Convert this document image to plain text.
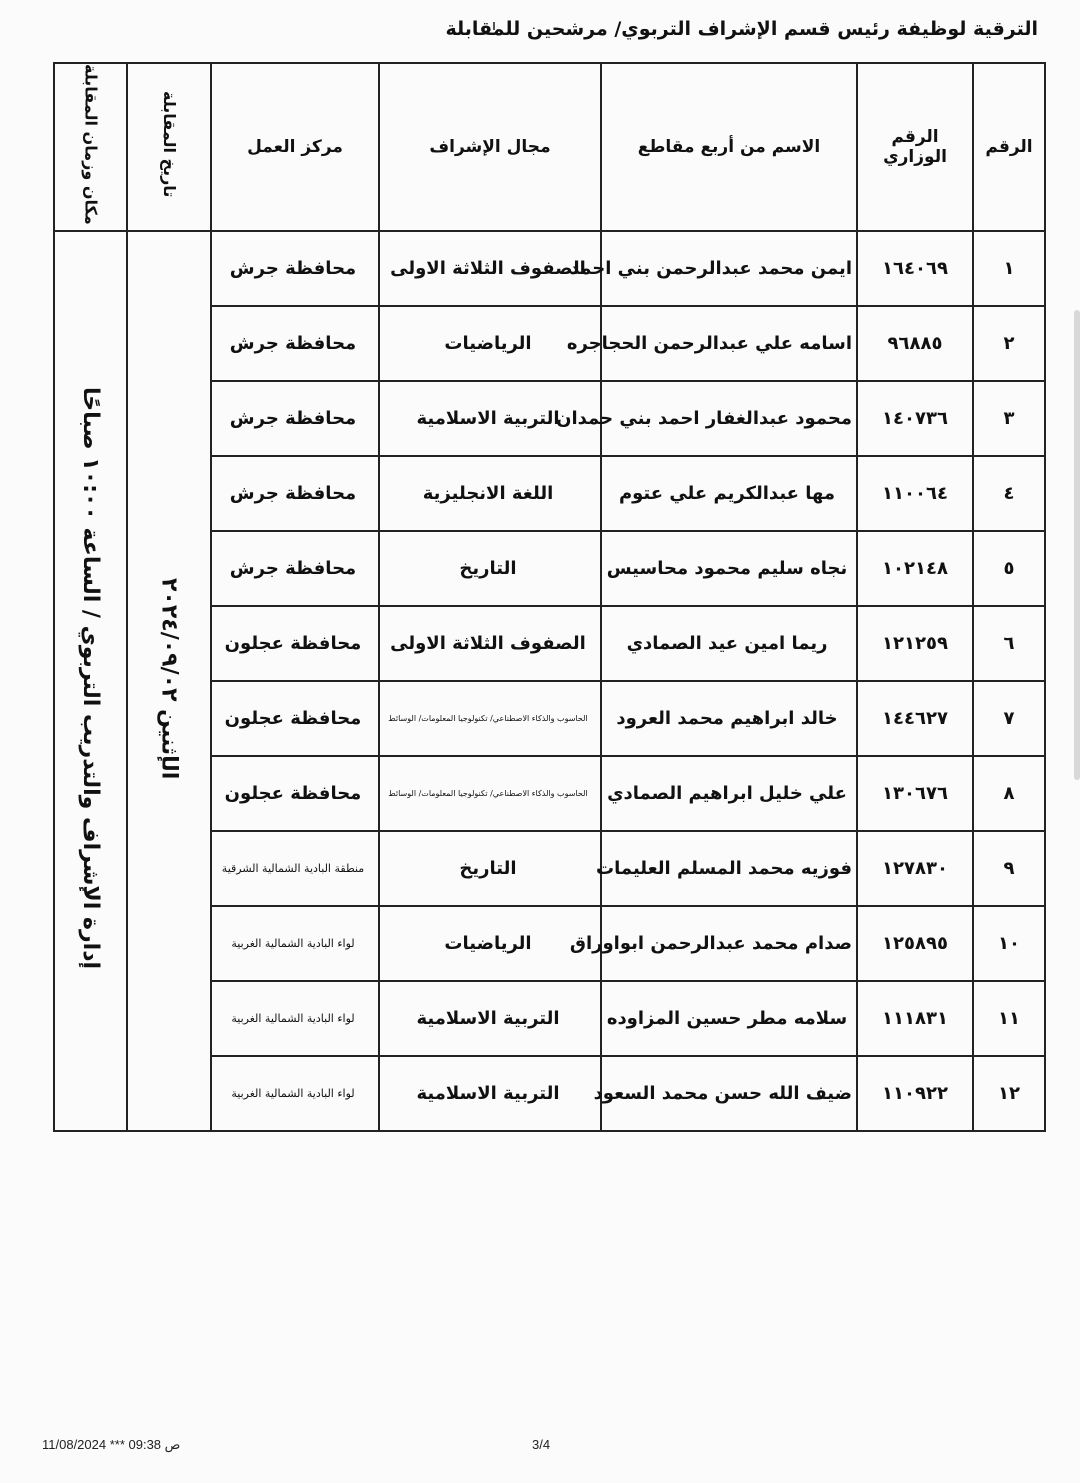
الترقية لوظيفة رئيس قسم الإشراف التربوي/ مرشحين للمقابلة
الرقم	الرقم الوزاري	الاسم من أربع مقاطع	مجال الإشراف	مركز العمل	تاريخ المقابلة	مكان وزمان المقابلة
١	١٦٤٠٦٩	ايمن محمد عبدالرحمن بني احمد	الصفوف الثلاثة الاولى	محافظة جرش	الإثنين ٢٠٢٤/٠٩/٠٢	إدارة الإشراف والتدريب التربوي / الساعة ١٠:٠٠ صباحًا
٢	٩٦٨٨٥	اسامه علي عبدالرحمن الحجاجره	الرياضيات	محافظة جرش		
٣	١٤٠٧٣٦	محمود عبدالغفار احمد بني حمدان	التربية الاسلامية	محافظة جرش		
٤	١١٠٠٦٤	مها عبدالكريم علي عتوم	اللغة الانجليزية	محافظة جرش		
٥	١٠٢١٤٨	نجاه سليم محمود محاسيس	التاريخ	محافظة جرش		
٦	١٢١٢٥٩	ريما امين عيد الصمادي	الصفوف الثلاثة الاولى	محافظة عجلون		
٧	١٤٤٦٢٧	خالد ابراهيم محمد العرود	الحاسوب والذكاء الاصطناعي/ تكنولوجيا المعلومات/ الوسائط	محافظة عجلون		
٨	١٣٠٦٧٦	علي خليل ابراهيم الصمادي	الحاسوب والذكاء الاصطناعي/ تكنولوجيا المعلومات/ الوسائط	محافظة عجلون		
٩	١٢٧٨٣٠	فوزيه محمد المسلم العليمات	التاريخ	منطقة البادية الشمالية الشرقية		
١٠	١٢٥٨٩٥	صدام محمد عبدالرحمن ابواوراق	الرياضيات	لواء البادية الشمالية الغربية		
١١	١١١٨٣١	سلامه مطر حسين المزاوده	التربية الاسلامية	لواء البادية الشمالية الغربية		
١٢	١١٠٩٢٢	ضيف الله حسن محمد السعود	التربية الاسلامية	لواء البادية الشمالية الغربية		
11/08/2024 *** 09:38 ص	3/4
